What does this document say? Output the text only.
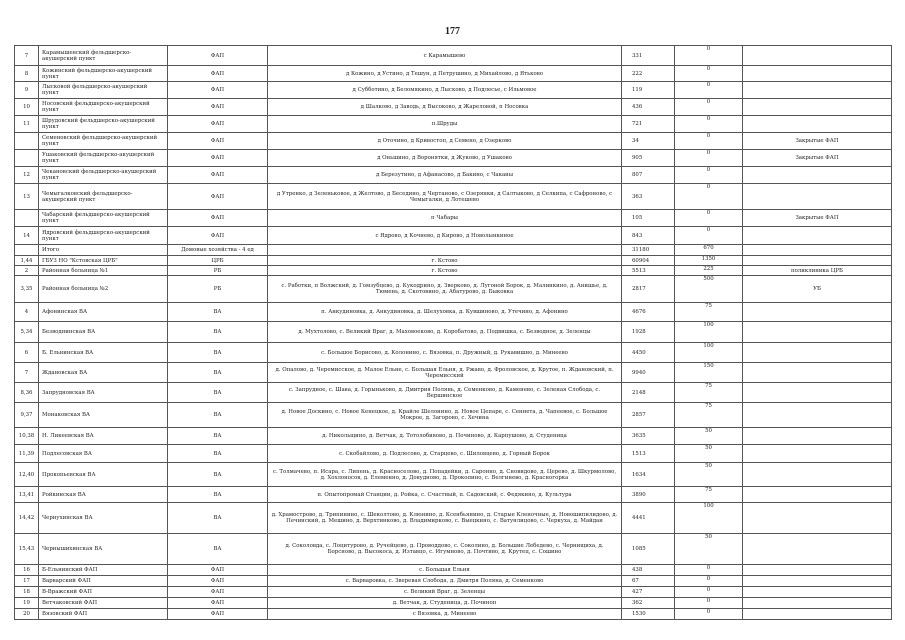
177
7	Карамышевский фельдшерско-акушерский пункт	ФАП	с Карамышево	331	0	
8	Кожинский фельдшерско-акушерский пункт	ФАП	д Кожино, д Устино, д Тешун, д Петрушино, д Михайлово, д Ятьково	222	0	
9	Лысковой фельдшерско-акушерский пункт	ФАП	д Субботино, д Беломякино, д Лысково, д Подлесье, с Ильмовое	119	0	
10	Носовский фельдшерско-акушерский пункт	ФАП	д Шалково, д Заводь, д Высоково, д Жареловой, п Носовка	436	0	
11	Шрудовский фельдшерско-акушерский пункт	ФАП	п.Шруды	721	0	
	Семеновский фельдшерско-акушерский пункт	ФАП	д Оточино, д Кривостоп, д Семено, д Озерково	34	0	Закрытые ФАП
	Ушаковский фельдшерско-акушерский пункт	ФАП	д Оньшино, д Воронятки, д Жуково, д Ушаково	905	0	Закрытые ФАП
12	Чекановский фельдшерско-акушерский пункт	ФАП	д Березутино, д Афанасово, д Бакино, с Чаканы	807	0	
13	Чемыгалковский фельдшерско-акушерский пункт	ФАП	д Утренко, д Зеленьковое, д Желтово, д Беседино, д Чертаново, с Озерянки, д Салтыково, д Селкипа, с Сафроново, с Чемыгалки, д Лотешево	363	0	
	Чабарский фельдшерско-акушерский пункт	ФАП	п Чабары	105	0	Закрытые ФАП
14	Ядровский фельдшерско-акушерский пункт	ФАП	с Ядрово, д Кочнево, д Кирово, д Новолынкиное	843	0	
	Итого	Домовые хозяйства - 4 ед		31180	670	
1,44	ГБУЗ НО "Кстовская ЦРБ"	ЦРБ	г. Кстово	60904	1350	
2	Районная больница №1	РБ	г. Кстово	5513	225	поликлиника ЦРБ
3,35	Районная больница №2	РБ	с. Работки, п Волжский, д. Гомзубцево, д. Кукодрино, д. Зверково, д. Лугоной Борок, д. Малинкино, д. Анишье, д. Тюмень, д. Скотовино, д. Абатурово, д. Быковка	2817	500	УБ
4	Афонинская ВА	ВА	п. Анкудиновка, д. Анкудиновка, д. Шелуховка, д. Кувшиново, д. Утечино, д. Афонино	4676	75	
5,34	Безводнинская ВА	ВА	д. Мухтолово, с. Великий Враг, д. Маховоеково, д. Коробатово, д. Подвишка, с. Безводное, д. Зеленцы	1928	100	
6	Б. Ельнинская ВА	ВА	с. Большое Борисово, д. Колонино, с. Вязовка, п. Дружный, д. Рукавишно, д. Минеево	4450	100	
7	Ждановская ВА	ВА	д. Опалово, д. Черемисское, д. Малое Ельне, с. Большая Ельня, д. Ржаво, д. Фроловское, д. Крутое, п. Ждановский, п. Черемисский	9940	150	
8,36	Запрудновская ВА	ВА	с. Запрудное, с. Шава, д. Горыньково, д. Дмитрия Полянь, д. Семенково, д. Каменево, с. Зеленая Слобода, с. Вершинское	2148	75	
9,37	Монаковская ВА	ВА	д. Новое Доскино, с. Новое Кенецкое, д. Крайле Шелонино, д. Новое Цепаре, с. Сеннета, д. Чапеевое, с. Большое Мокрое, д. Загорово, с. Хечина	2857	75	
10,38	Н. Ликеевская ВА	ВА	д. Никольщино, д. Ветчак, д. Тотолобивово, д. Починово, д. Карпушово, д. Студеница	3635	50	
11,39	Подлесовская ВА	ВА	с. Скобайлово, д. Подлесово, д. Старцево, с. Шиловцево, д. Горный Борок	1513	50	
12,40	Прокопьевская ВА	ВА	с. Толмачево, п. Исара, с. Липень, д. Красноселово, д. Попадейки, д. Саронно, д. Сновидово, д. Церево, д. Шкурмолово, д. Хохлоносов, д. Елеменно, д. Довудново, д. Прокопино, с. Велгинево, д. Красногорка	1634	50	
13,41	Ройкинская ВА	ВА	п. Опытопромай Станции, д. Ройка, с. Счастный, п. Садовский, с. Федякино, д. Культура	3890	75	
14,42	Чернухинская ВА	ВА	д. Храмострово, д. Трипинино, с. Шеколтово, д. Клюнино, д. Ксенбьянино, д. Старые Кленочные, д. Новошипилидово, д. Печинский, д. Мешино, д. Верхтинково, д. Владимирково, с. Выецкино, с. Ватунлицово, с. Черкуха, д. Майдан	4441	100	
15,43	Чернышихинская ВА	ВА	д. Соколовда, с. Лоцитурово, д. Ручейцево, д. Проводдово, с. Соколино, д. Большие Лебедево, с. Чернищиха, д. Борсново, д. Высокоса, д. Изтавцо, с. Игумново, д. Почтиво, д. Крутец, с. Сошино	1085	50	
16	Б-Ельнинский ФАП	ФАП	с. Большая Ельня	438	0	
17	Варварский ФАП	ФАП	с. Варваровка, с. Зверевая Слобода, д. Дмитря Поляна, д. Семенково	67	0	
18	В-Вражский ФАП	ФАП	с. Великий Враг, д. Зеленцы	427	0	
19	Ветчаковский ФАП	ФАП	д. Ветчак, д. Студеница, д. Починоп	362	0	
20	Вязовский ФАП	ФАП	с Вязовка, д. Минеево	1530	0	
